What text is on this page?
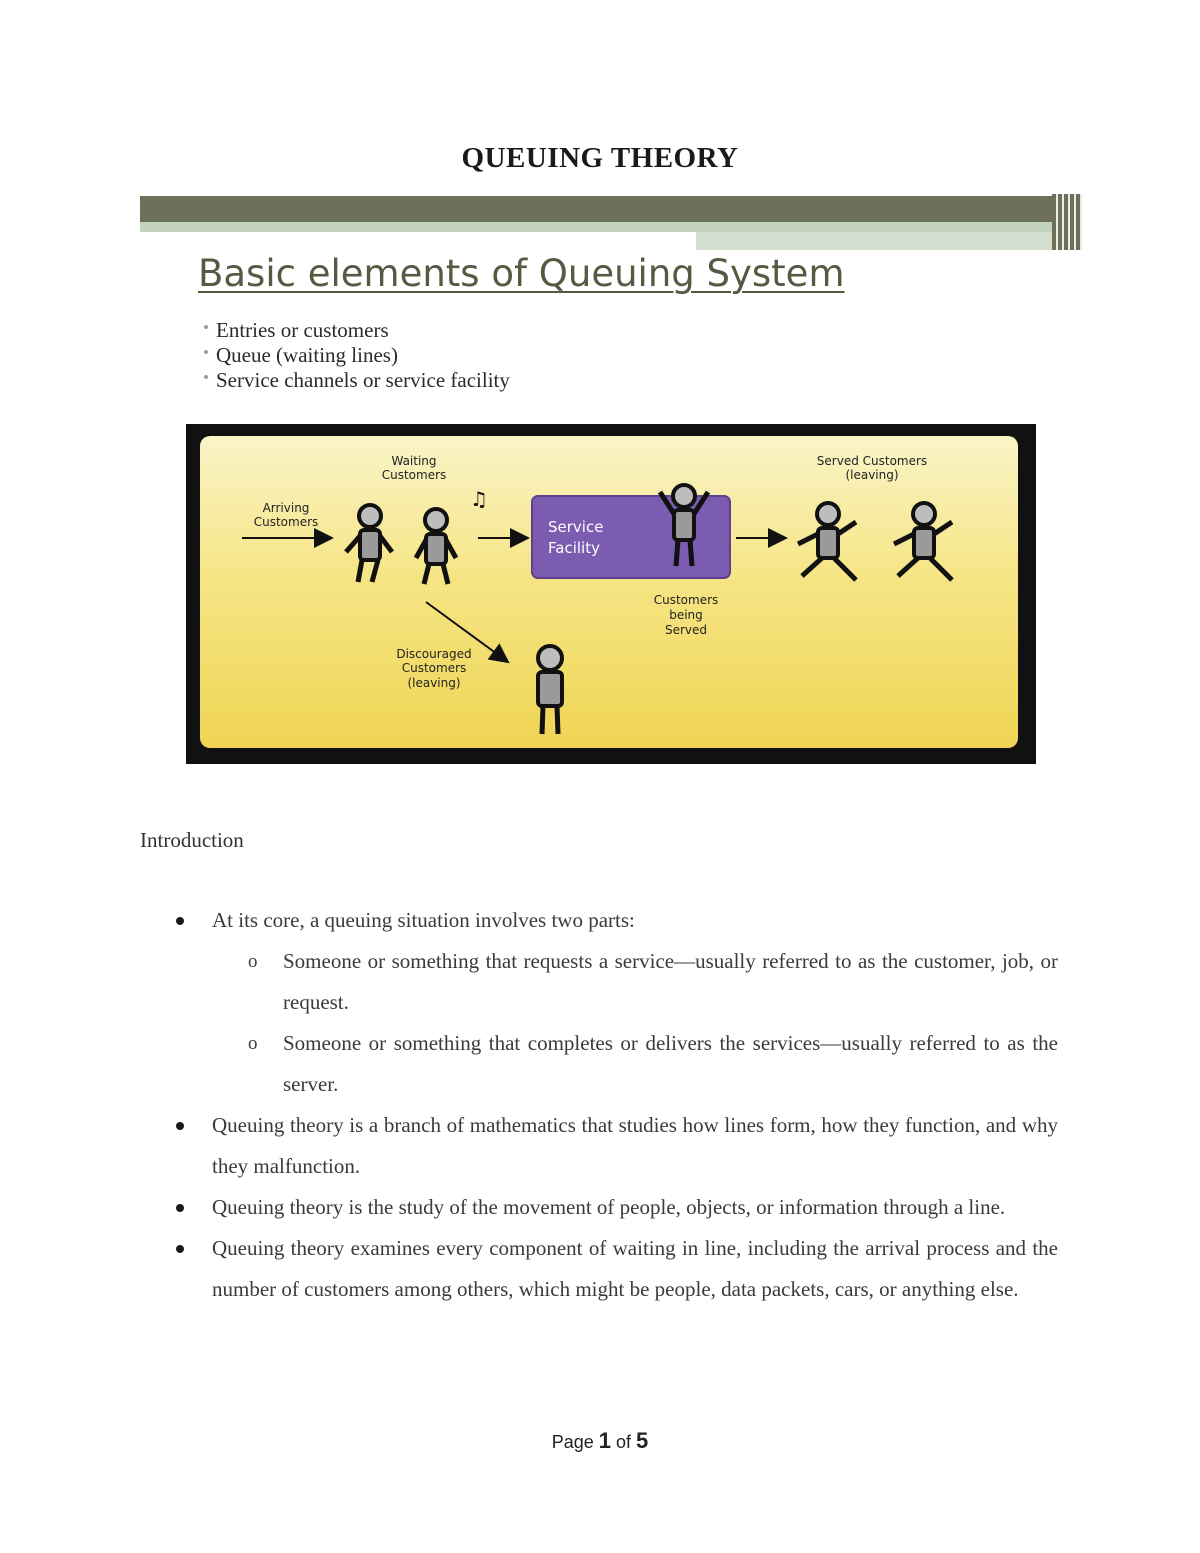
QUEUING THEORY
Basic elements of Queuing System
Entries or customers
Queue (waiting lines)
Service channels or service facility
Waiting
Customers
Arriving
Customers
Served Customers
(leaving)
Customers
being
Served
Discouraged
Customers
(leaving)
Service
Facility
♫
Introduction
At its core, a queuing situation involves two parts:
o Someone or something that requests a service—usually referred to as the customer, job, or request.
o Someone or something that completes or delivers the services—usually referred to as the server.
Queuing theory is a branch of mathematics that studies how lines form, how they function, and why they malfunction.
Queuing theory is the study of the movement of people, objects, or information through a line.
Queuing theory examines every component of waiting in line, including the arrival process and the number of customers among others, which might be people, data packets, cars, or anything else.
Page 1 of 5
